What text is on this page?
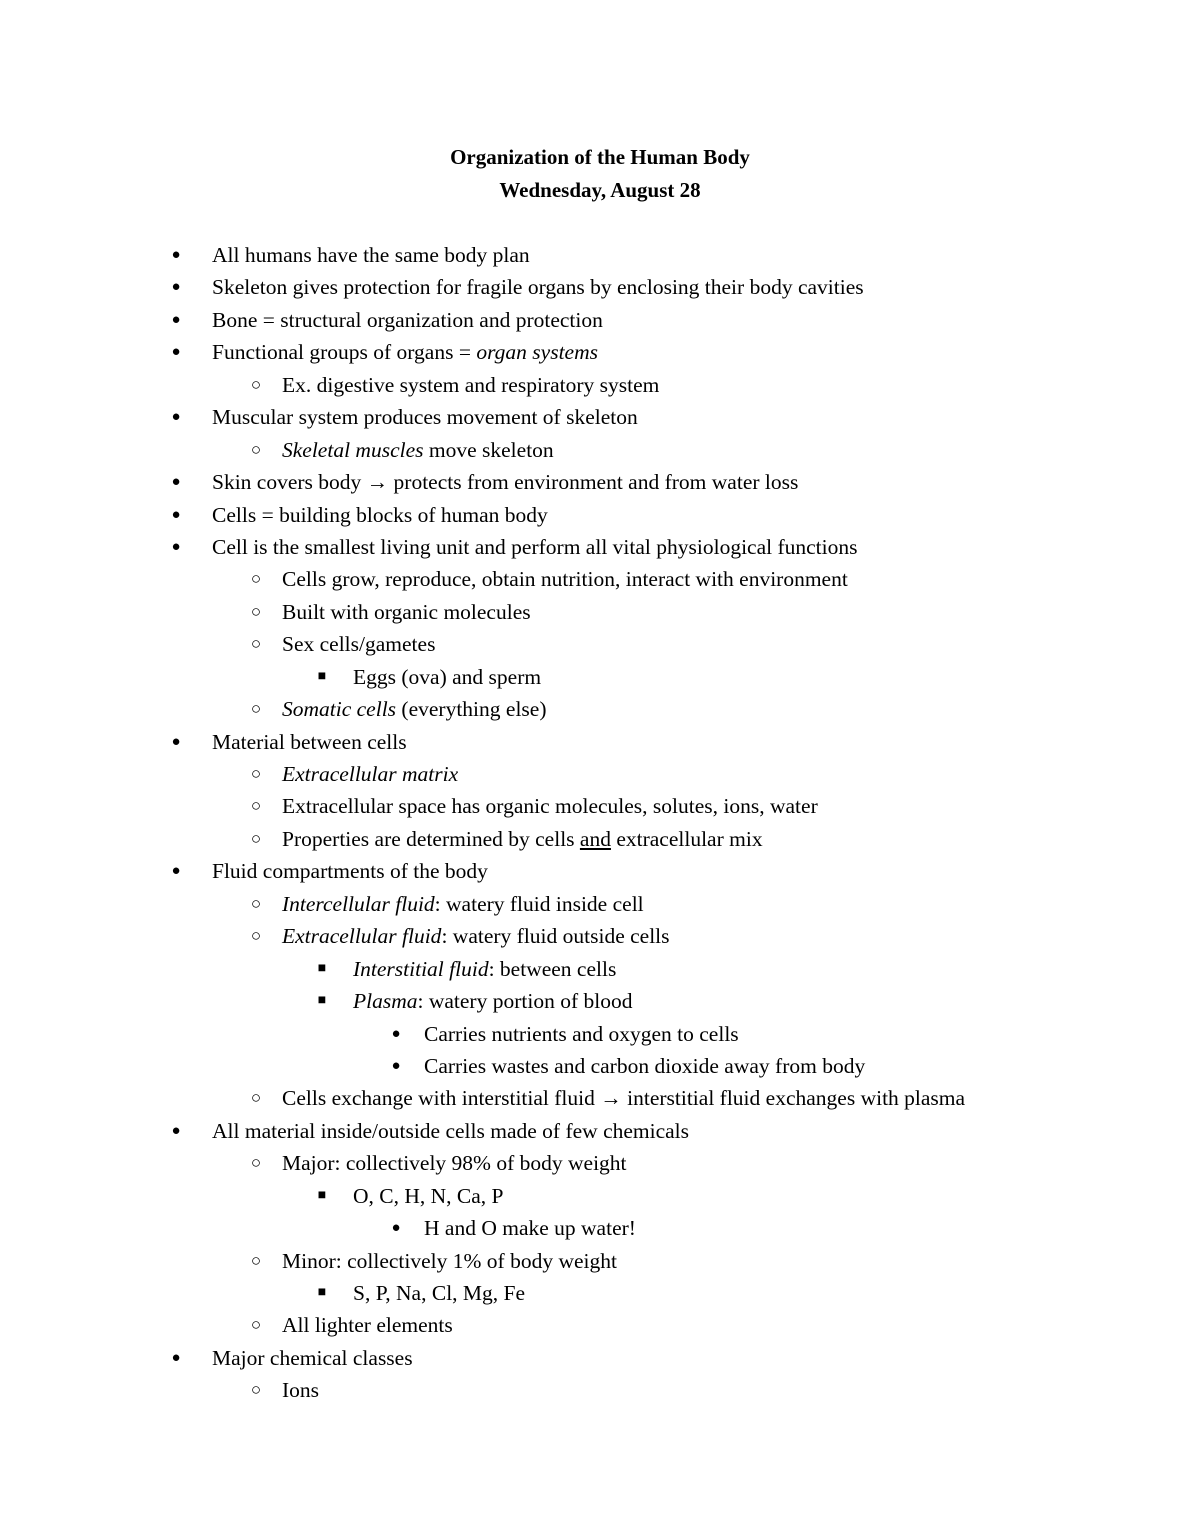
Organization of the Human Body
Wednesday, August 28
● All humans have the same body plan
● Skeleton gives protection for fragile organs by enclosing their body cavities
● Bone = structural organization and protection
● Functional groups of organs = organ systems
○ Ex. digestive system and respiratory system
● Muscular system produces movement of skeleton
○ Skeletal muscles move skeleton
● Skin covers body → protects from environment and from water loss
● Cells = building blocks of human body
● Cell is the smallest living unit and perform all vital physiological functions
○ Cells grow, reproduce, obtain nutrition, interact with environment
○ Built with organic molecules
○ Sex cells/gametes
■ Eggs (ova) and sperm
○ Somatic cells (everything else)
● Material between cells
○ Extracellular matrix
○ Extracellular space has organic molecules, solutes, ions, water
○ Properties are determined by cells and extracellular mix
● Fluid compartments of the body
○ Intercellular fluid: watery fluid inside cell
○ Extracellular fluid: watery fluid outside cells
■ Interstitial fluid: between cells
■ Plasma: watery portion of blood
● Carries nutrients and oxygen to cells
● Carries wastes and carbon dioxide away from body
○ Cells exchange with interstitial fluid → interstitial fluid exchanges with plasma
● All material inside/outside cells made of few chemicals
○ Major: collectively 98% of body weight
■ O, C, H, N, Ca, P
● H and O make up water!
○ Minor: collectively 1% of body weight
■ S, P, Na, Cl, Mg, Fe
○ All lighter elements
● Major chemical classes
○ Ions
